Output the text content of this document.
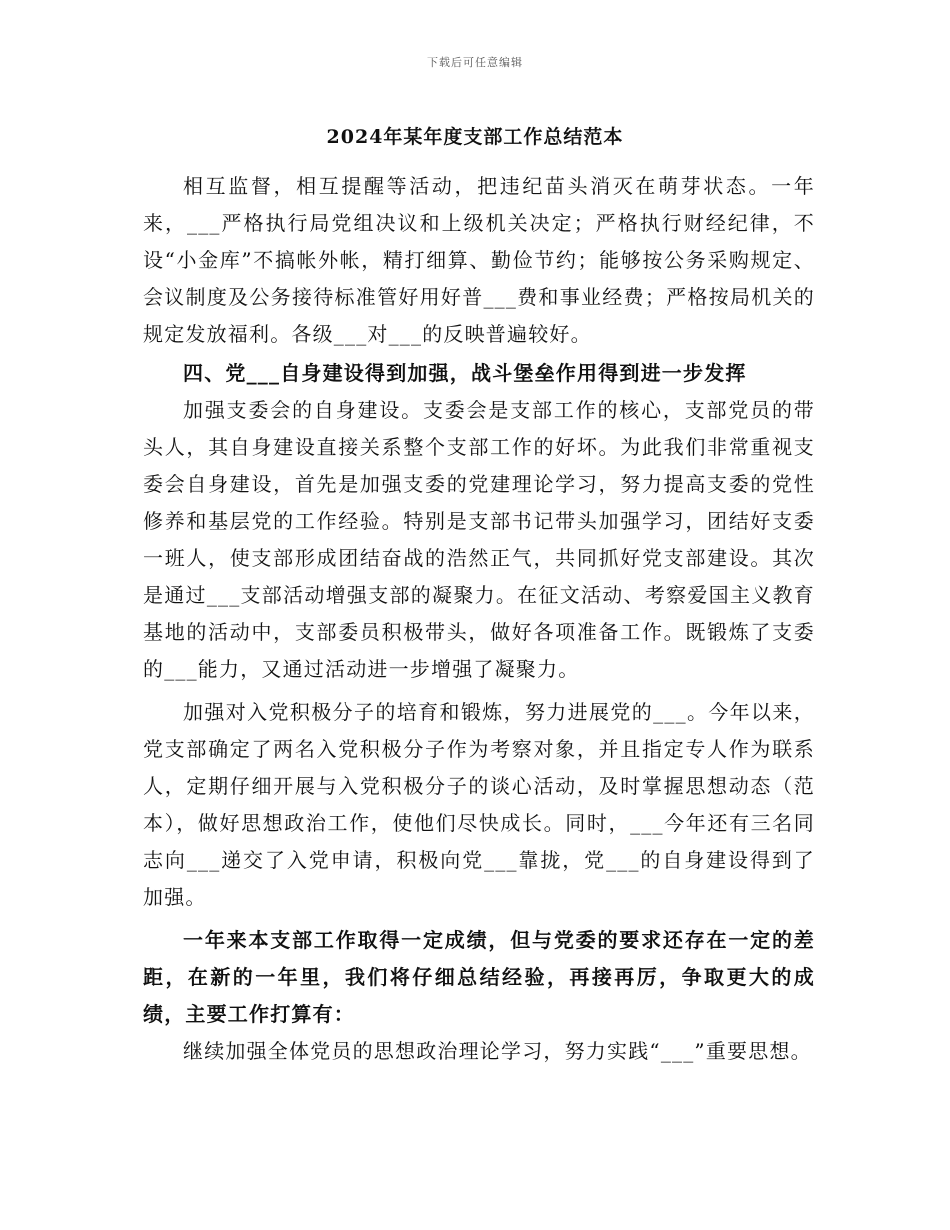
下载后可任意编辑
2024年某年度支部工作总结范本

相互监督，相互提醒等活动，把违纪苗头消灭在萌芽状态。一年来，___严格执行局党组决议和上级机关决定；严格执行财经纪律，不设“小金库”不搞帐外帐，精打细算、勤俭节约；能够按公务采购规定、会议制度及公务接待标准管好用好普___费和事业经费；严格按局机关的规定发放福利。各级___对___的反映普遍较好。

四、党___自身建设得到加强，战斗堡垒作用得到进一步发挥

加强支委会的自身建设。支委会是支部工作的核心，支部党员的带头人，其自身建设直接关系整个支部工作的好坏。为此我们非常重视支委会自身建设，首先是加强支委的党建理论学习，努力提高支委的党性修养和基层党的工作经验。特别是支部书记带头加强学习，团结好支委一班人，使支部形成团结奋战的浩然正气，共同抓好党支部建设。其次是通过___支部活动增强支部的凝聚力。在征文活动、考察爱国主义教育基地的活动中，支部委员积极带头，做好各项准备工作。既锻炼了支委的___能力，又通过活动进一步增强了凝聚力。

加强对入党积极分子的培育和锻炼，努力进展党的___。今年以来，党支部确定了两名入党积极分子作为考察对象，并且指定专人作为联系人，定期仔细开展与入党积极分子的谈心活动，及时掌握思想动态（范本），做好思想政治工作，使他们尽快成长。同时，___今年还有三名同志向___递交了入党申请，积极向党___靠拢，党___的自身建设得到了加强。

一年来本支部工作取得一定成绩，但与党委的要求还存在一定的差距，在新的一年里，我们将仔细总结经验，再接再厉，争取更大的成绩，主要工作打算有：

继续加强全体党员的思想政治理论学习，努力实践“___”重要思想。
